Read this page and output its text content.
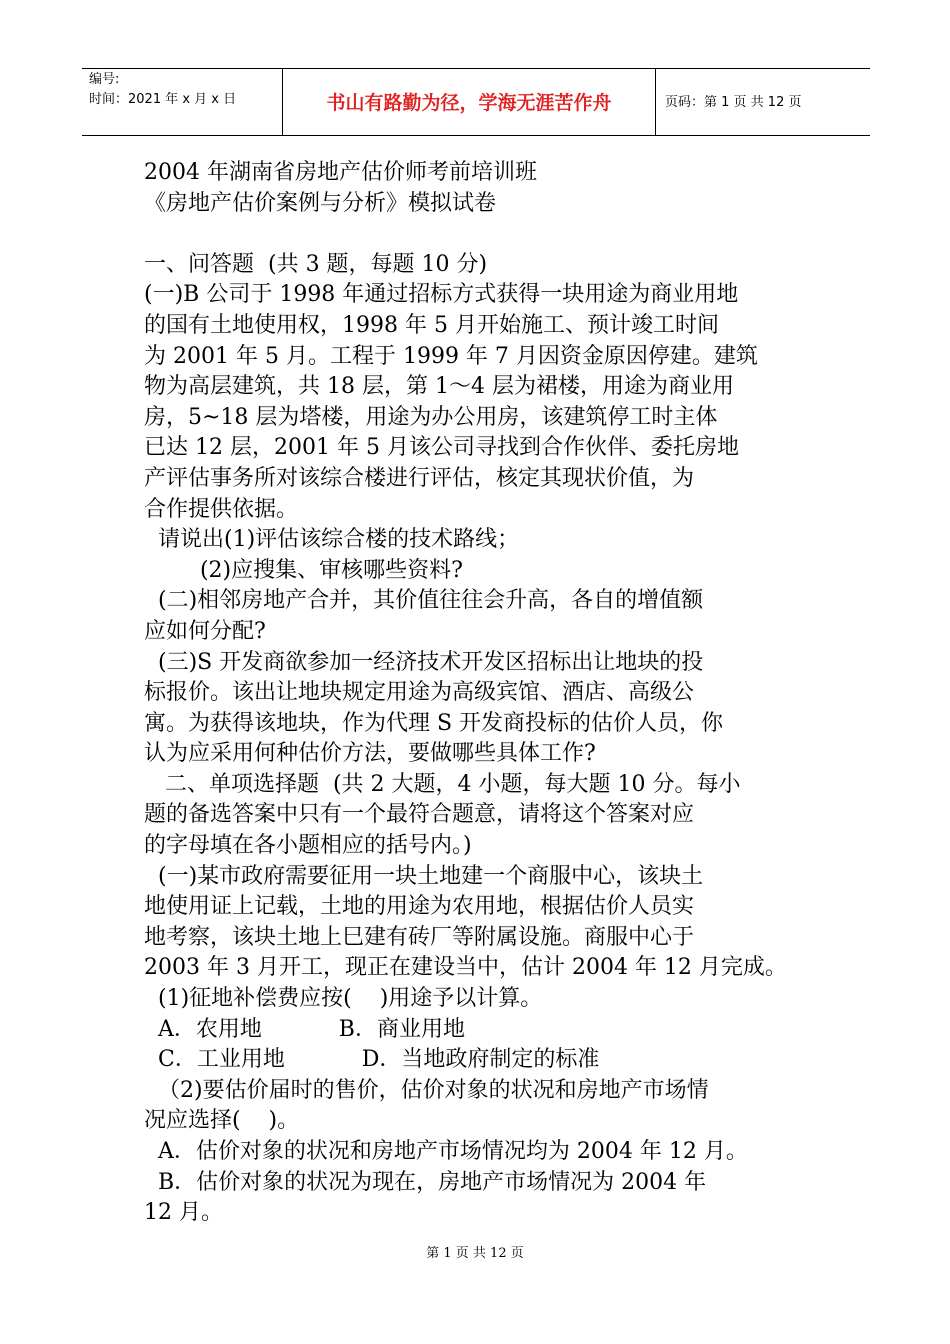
编号:
时间：2021 年 x 月 x 日	书山有路勤为径，学海无涯苦作舟	页码：第 1 页 共 12 页
2004 年湖南省房地产估价师考前培训班
《房地产估价案例与分析》模拟试卷
一、问答题  (共 3 题，每题 10 分)
(一)B 公司于 1998 年通过招标方式获得一块用途为商业用地
的国有土地使用权，1998 年 5 月开始施工、预计竣工时间
为 2001 年 5 月。工程于 1999 年 7 月因资金原因停建。建筑
物为高层建筑，共 18 层，第 1～4 层为裙楼，用途为商业用
房，5~18 层为塔楼，用途为办公用房，该建筑停工时主体
已达 12 层，2001 年 5 月该公司寻找到合作伙伴、委托房地
产评估事务所对该综合楼进行评估，核定其现状价值，为
合作提供依据。
请说出(1)评估该综合楼的技术路线；
(2)应搜集、审核哪些资料?
(二)相邻房地产合并，其价值往往会升高，各自的增值额
应如何分配?
(三)S 开发商欲参加一经济技术开发区招标出让地块的投
标报价。该出让地块规定用途为高级宾馆、酒店、高级公
寓。为获得该地块，作为代理 S 开发商投标的估价人员，你
认为应采用何种估价方法，要做哪些具体工作?
二、单项选择题  (共 2 大题，4 小题，每大题 10 分。每小
题的备选答案中只有一个最符合题意，请将这个答案对应
的字母填在各小题相应的括号内。)
(一)某市政府需要征用一块土地建一个商服中心，该块土
地使用证上记载，土地的用途为农用地，根据估价人员实
地考察，该块土地上巳建有砖厂等附属设施。商服中心于
2003 年 3 月开工，现正在建设当中，估计 2004 年 12 月完成。
(1)征地补偿费应按(    )用途予以计算。
A．农用地           B．商业用地
C．工业用地           D．当地政府制定的标准
（2)要估价届时的售价，估价对象的状况和房地产市场情
况应选择(    )。
A．估价对象的状况和房地产市场情况均为 2004 年 12 月。
B．估价对象的状况为现在，房地产市场情况为 2004 年
12 月。
第 1 页 共 12 页
